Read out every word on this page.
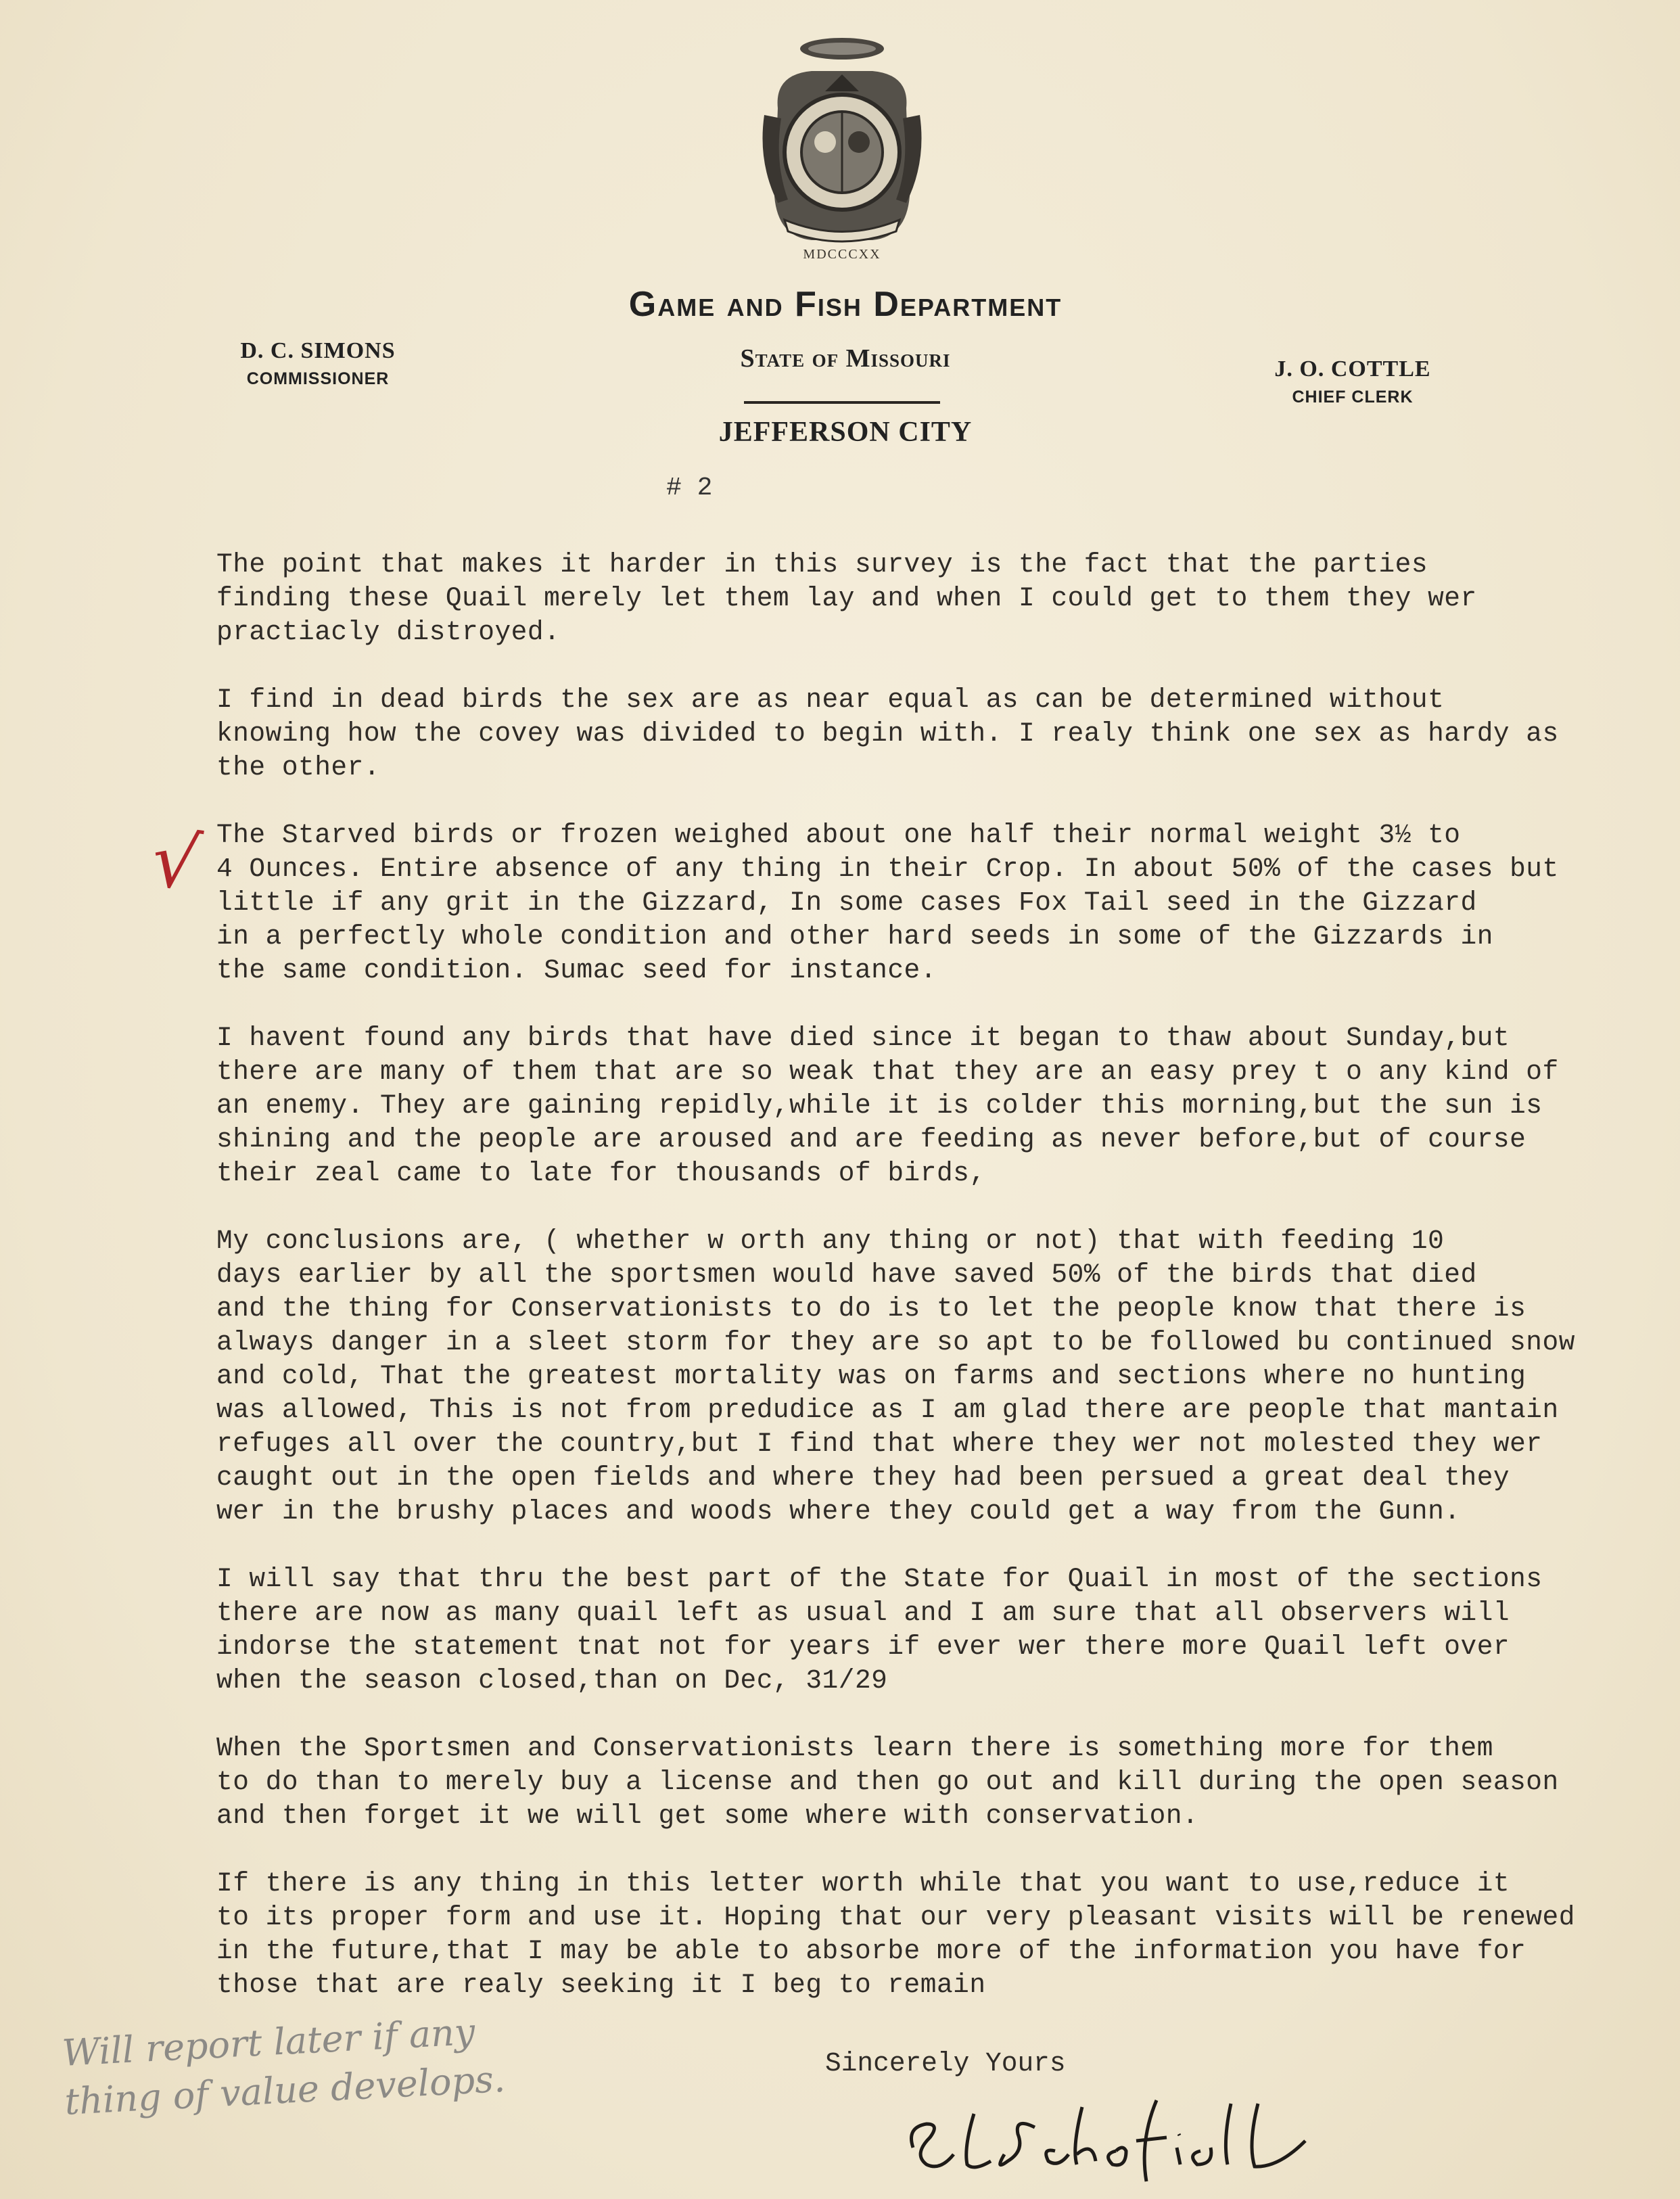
MDCCCXX
Game and Fish Department
D. C. SIMONS
COMMISSIONER
State of Missouri	J. O. COTTLE
CHIEF CLERK
JEFFERSON CITY
# 2
√

The point that makes it harder in this survey is the fact that the parties
finding these Quail merely let them lay and when I could get to them they wer
practiacly distroyed.

I find in dead birds the sex are as near equal as can be determined without
knowing how the covey was divided to begin with. I realy think one sex as hardy as
the other.

The Starved birds or frozen weighed about one half their normal weight 3½ to
4 Ounces. Entire absence of any thing in their Crop. In about 50% of the cases but
little if any grit in the Gizzard, In some cases Fox Tail seed in the Gizzard
in a perfectly whole condition and other hard seeds in some of the Gizzards in
the same condition. Sumac seed for instance.

I havent found any birds that have died since it began to thaw about Sunday,but
there are many of them that are so weak that they are an easy prey t o any kind of
an enemy. They are gaining repidly,while it is colder this morning,but the sun is
shining and the people are aroused and are feeding as never before,but of course
their zeal came to late for thousands of birds,

My conclusions are, ( whether w orth any thing or not) that with feeding 10
days earlier by all the sportsmen would have saved 50% of the birds that died
and the thing for Conservationists to do is to let the people know that there is
always danger in a sleet storm for they are so apt to be followed bu continued snow
and cold, That the greatest mortality was on farms and sections where no hunting
was allowed, This is not from predudice as I am glad there are people that mantain
refuges all over the country,but I find that where they wer not molested they wer
caught out in the open fields and where they had been persued a great deal they
wer in the brushy places and woods where they could get a way from the Gunn.

I will say that thru the best part of the State for Quail in most of the sections
there are now as many quail left as usual and I am sure that all observers will
indorse the statement tnat not for years if ever wer there more Quail left over
when the season closed,than on Dec, 31/29

When the Sportsmen and Conservationists learn there is something more for them
to do than to merely buy a license and then go out and kill during the open season
and then forget it we will get some where with conservation.

If there is any thing in this letter worth while that you want to use,reduce it
to its proper form and use it. Hoping that our very pleasant visits will be renewed
in the future,that I may be able to absorbe more of the information you have for
those that are realy seeking it I beg to remain

Will report later if any
thing of value develops.	Sincerely Yours
